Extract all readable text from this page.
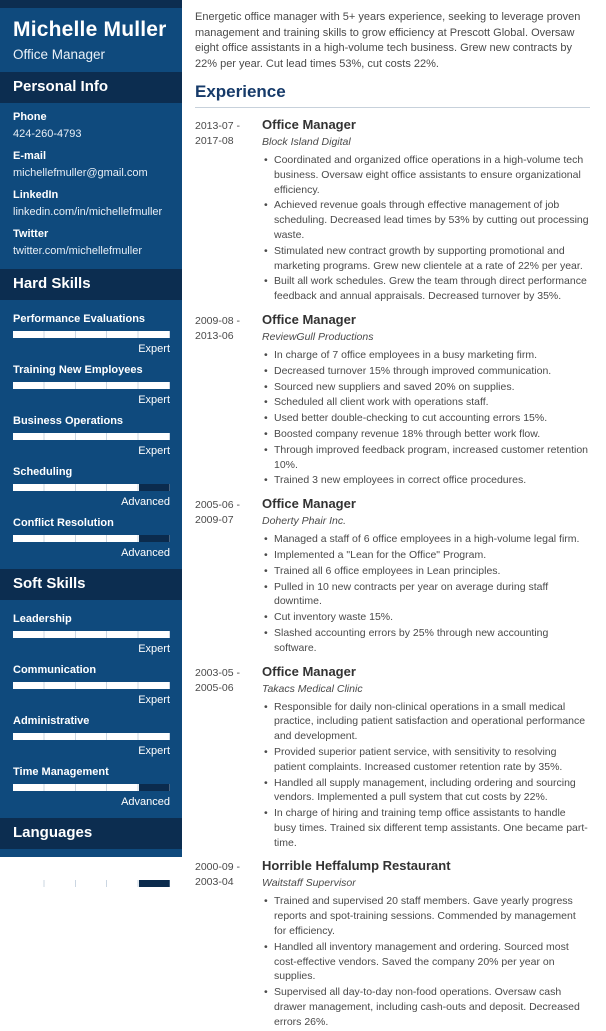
Michelle Muller
Office Manager
Personal Info
Phone
424-260-4793
E-mail
michellefmuller@gmail.com
LinkedIn
linkedin.com/in/michellefmuller
Twitter
twitter.com/michellefmuller
Hard Skills
Performance Evaluations
Expert
Training New Employees
Expert
Business Operations
Expert
Scheduling
Advanced
Conflict Resolution
Advanced
Soft Skills
Leadership
Expert
Communication
Expert
Administrative
Expert
Time Management
Advanced
Languages
Spanish
Fluent

Energetic office manager with 5+ years experience, seeking to leverage proven management and training skills to grow efficiency at Prescott Global. Oversaw eight office assistants in a high-volume tech business. Grew new contracts by 22% per year. Cut lead times 53%, cut costs 22%.

Experience
2013-07 -
2017-08
Office Manager
Block Island Digital
• Coordinated and organized office operations in a high-volume tech business. Oversaw eight office assistants to ensure organizational efficiency.
• Achieved revenue goals through effective management of job scheduling. Decreased lead times by 53% by cutting out processing waste.
• Stimulated new contract growth by supporting promotional and marketing programs. Grew new clientele at a rate of 22% per year.
• Built all work schedules. Grew the team through direct performance feedback and annual appraisals. Decreased turnover by 35%.
2009-08 -
2013-06
Office Manager
ReviewGull Productions
• In charge of 7 office employees in a busy marketing firm.
• Decreased turnover 15% through improved communication.
• Sourced new suppliers and saved 20% on supplies.
• Scheduled all client work with operations staff.
• Used better double-checking to cut accounting errors 15%.
• Boosted company revenue 18% through better work flow.
• Through improved feedback program, increased customer retention 10%.
• Trained 3 new employees in correct office procedures.
2005-06 -
2009-07
Office Manager
Doherty Phair Inc.
• Managed a staff of 6 office employees in a high-volume legal firm.
• Implemented a "Lean for the Office" Program.
• Trained all 6 office employees in Lean principles.
• Pulled in 10 new contracts per year on average during staff downtime.
• Cut inventory waste 15%.
• Slashed accounting errors by 25% through new accounting software.
2003-05 -
2005-06
Office Manager
Takacs Medical Clinic
• Responsible for daily non-clinical operations in a small medical practice, including patient satisfaction and operational performance and development.
• Provided superior patient service, with sensitivity to resolving patient complaints. Increased customer retention rate by 35%.
• Handled all supply management, including ordering and sourcing vendors. Implemented a pull system that cut costs by 22%.
• In charge of hiring and training temp office assistants to handle busy times. Trained six different temp assistants. One became part-time.
2000-09 -
2003-04
Horrible Heffalump Restaurant
Waitstaff Supervisor
• Trained and supervised 20 staff members. Gave yearly progress reports and spot-training sessions. Commended by management for efficiency.
• Handled all inventory management and ordering. Sourced most cost-effective vendors. Saved the company 20% per year on supplies.
• Supervised all day-to-day non-food operations. Oversaw cash drawer management, including cash-outs and deposit. Decreased errors 26%.
